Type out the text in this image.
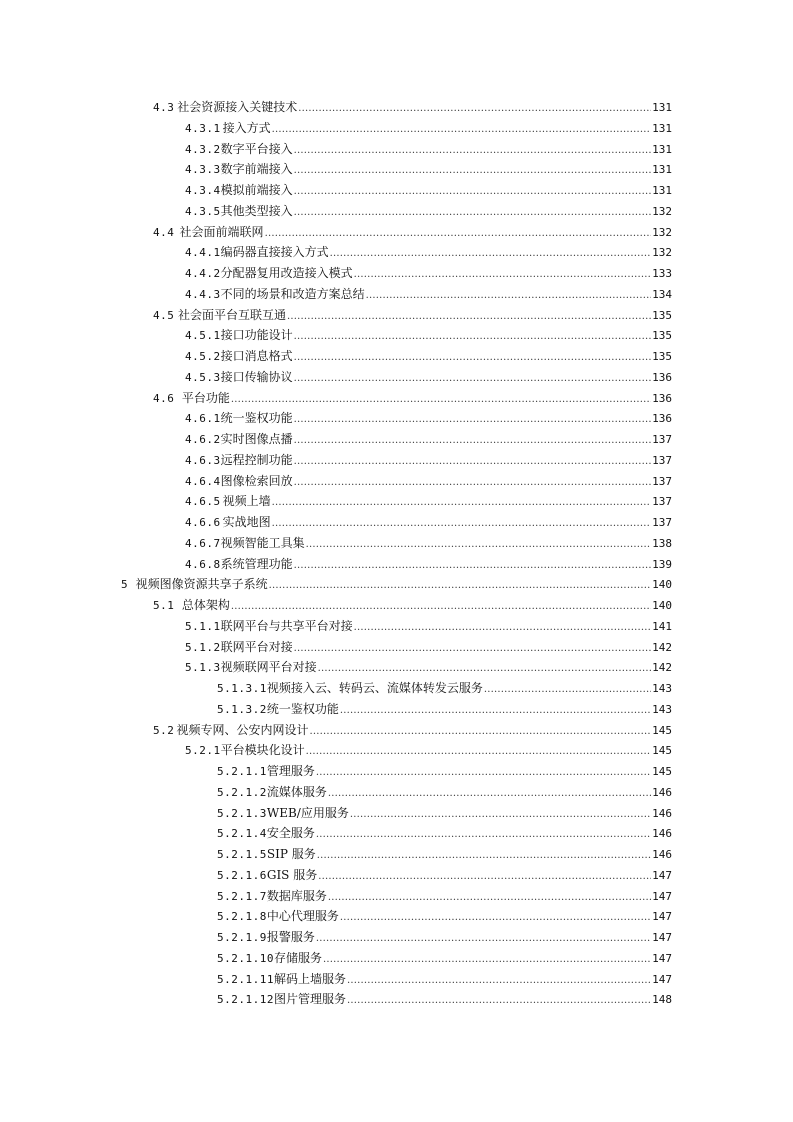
4.3 社会资源接入关键技术 .....	131
4.3.1 接入方式 .....	131
4.3.2 数字平台接入 .....	131
4.3.3 数字前端接入 .....	131
4.3.4 模拟前端接入 .....	131
4.3.5 其他类型接入 .....	132
4.4 社会面前端联网 .....	132
4.4.1 编码器直接接入方式 .....	132
4.4.2 分配器复用改造接入模式 .....	133
4.4.3 不同的场景和改造方案总结 .....	134
4.5 社会面平台互联互通 .....	135
4.5.1 接口功能设计 .....	135
4.5.2 接口消息格式 .....	135
4.5.3 接口传输协议 .....	136
4.6 平台功能 .....	136
4.6.1 统一鉴权功能 .....	136
4.6.2 实时图像点播 .....	137
4.6.3 远程控制功能 .....	137
4.6.4 图像检索回放 .....	137
4.6.5 视频上墙 .....	137
4.6.6 实战地图 .....	137
4.6.7 视频智能工具集 .....	138
4.6.8 系统管理功能 .....	139
5 视频图像资源共享子系统 .....	140
5.1 总体架构 .....	140
5.1.1 联网平台与共享平台对接 .....	141
5.1.2 联网平台对接 .....	142
5.1.3 视频联网平台对接 .....	142
5.1.3.1 视频接入云、转码云、流媒体转发云服务 .....	143
5.1.3.2 统一鉴权功能 .....	143
5.2 视频专网、公安内网设计 .....	145
5.2.1 平台模块化设计 .....	145
5.2.1.1 管理服务 .....	145
5.2.1.2 流媒体服务 .....	146
5.2.1.3 WEB/应用服务 .....	146
5.2.1.4 安全服务 .....	146
5.2.1.5 SIP 服务 .....	146
5.2.1.6 GIS 服务 .....	147
5.2.1.7 数据库服务 .....	147
5.2.1.8 中心代理服务 .....	147
5.2.1.9 报警服务 .....	147
5.2.1.10 存储服务 .....	147
5.2.1.11 解码上墙服务 .....	147
5.2.1.12 图片管理服务 .....	148
